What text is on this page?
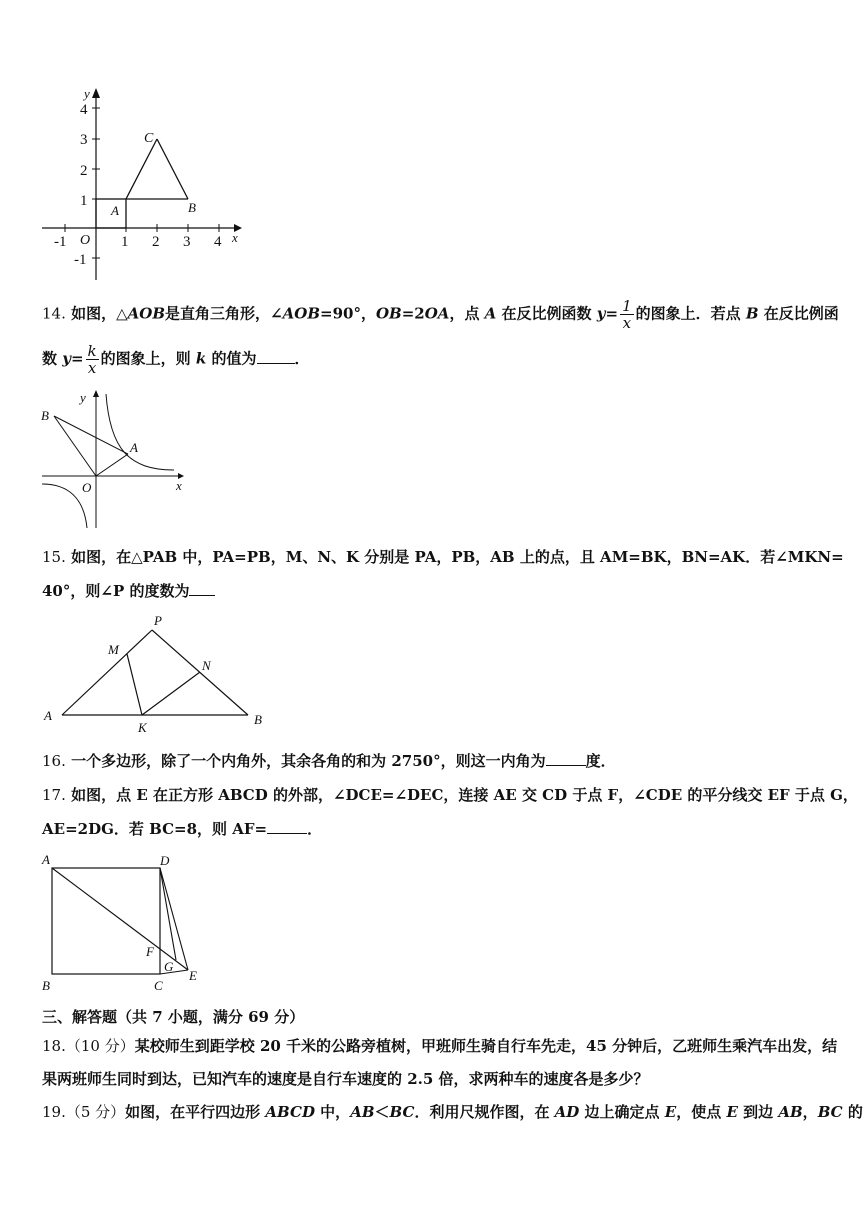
y
x
O
4
3
2
1
-1
-1	1 2 3 4
A	B
C
14. 如图，△AOB是直角三角形，∠AOB=90°，OB=2OA，点 A 在反比例函数 $y= \frac{1}{x}$ 的图象上．若点 B 在反比例函
数 $y= \frac{k}{x}$ 的图象上，则 k 的值为	．
B
y
A
O	x
15. 如图，在△PAB 中，PA=PB，M、N、K 分别是 PA，PB，AB 上的点，且 AM=BK，BN=AK．若∠MKN=
40°，则∠P 的度数为
P
M
N
A
K
B
16. 一个多边形，除了一个内角外，其余各角的和为 2750°，则这一内角为	度．
17. 如图，点 E 在正方形 ABCD 的外部，∠DCE=∠DEC，连接 AE 交 CD 于点 F，∠CDE 的平分线交 EF 于点 G，
AE=2DG．若 BC=8，则 AF=	．
A	D
B	C
F
G
E
三、解答题（共 7 小题，满分 69 分）
18.（10 分）某校师生到距学校 20 千米的公路旁植树，甲班师生骑自行车先走，45 分钟后，乙班师生乘汽车出发，结
果两班师生同时到达，已知汽车的速度是自行车速度的 2.5 倍，求两种车的速度各是多少？
19.（5 分）如图，在平行四边形 ABCD 中，AB＜BC．利用尺规作图，在 AD 边上确定点 E，使点 E 到边 AB，BC 的
